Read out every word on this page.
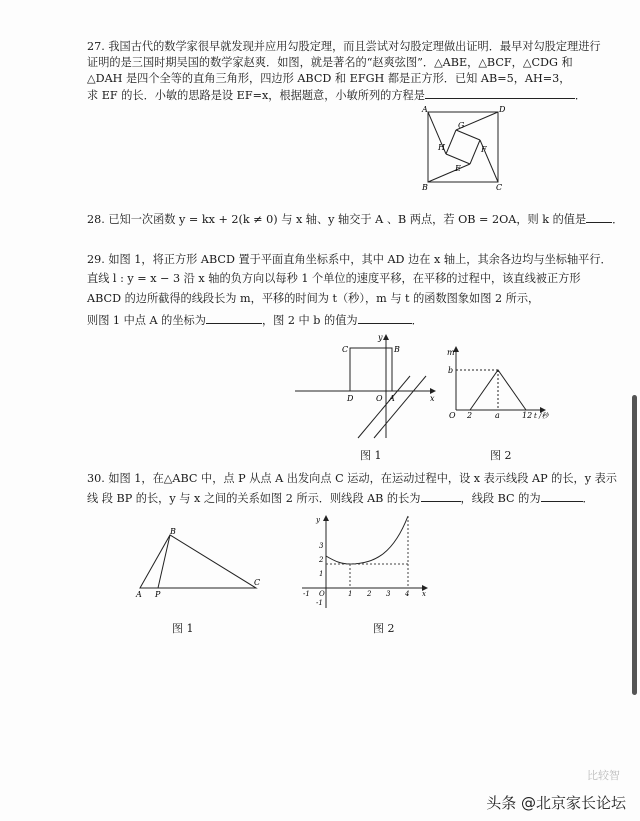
27. 我国古代的数学家很早就发现并应用勾股定理，而且尝试对勾股定理做出证明．最早对勾股定理进行
证明的是三国时期吴国的数学家赵爽．如图，就是著名的“赵爽弦图”．△ABE，△BCF，△CDG 和
△DAH 是四个全等的直角三角形，四边形 ABCD 和 EFGH 都是正方形．已知 AB=5，AH=3，
求 EF 的长．小敏的思路是设 EF=x，根据题意，小敏所列的方程是	．
A	D
G
H	F
E
B	C
28. 已知一次函数 y = kx + 2(k ≠ 0) 与 x 轴、y 轴交于 A 、B 两点，若 OB = 2OA，则 k 的值是 ．
29. 如图 1，将正方形 ABCD 置于平面直角坐标系中，其中 AD 边在 x 轴上，其余各边均与坐标轴平行．
直线 l : y = x − 3 沿 x 轴的负方向以每秒 1 个单位的速度平移，在平移的过程中，该直线被正方形
ABCD 的边所截得的线段长为 m，平移的时间为 t（秒），m 与 t 的函数图象如图 2 所示，
则图 1 中点 A 的坐标为	，图 2 中 b 的值为	．
C	B
y
D	O A	x
m
b
O 2	a	12 t /秒
图 1	图 2
30. 如图 1，在△ABC 中，点 P 从点 A 出发向点 C 运动，在运动过程中，设 x 表示线段 AP 的长，y 表示
线 段 BP 的长，y 与 x 之间的关系如图 2 所示．则线段 AB 的长为	，线段 BC 的为	．
B
A P
C
y
3
2
1
O
-1
-1	1 2 3 4 x
图 1	图 2
比较智
头条 @北京家长论坛
